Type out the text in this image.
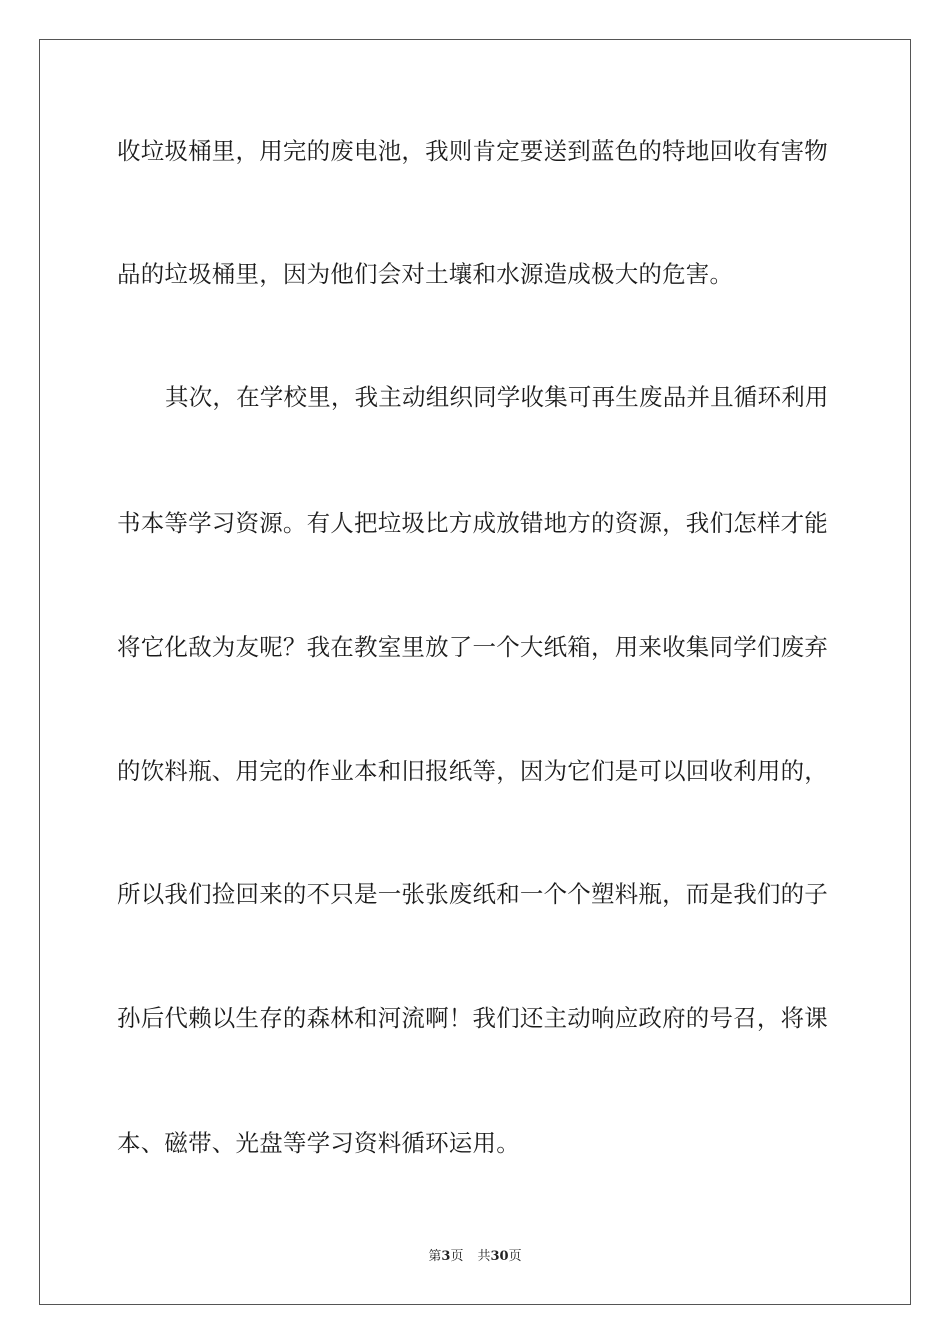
收垃圾桶里，用完的废电池，我则肯定要送到蓝色的特地回收有害物
品的垃圾桶里，因为他们会对土壤和水源造成极大的危害。
其次，在学校里，我主动组织同学收集可再生废品并且循环利用
书本等学习资源。有人把垃圾比方成放错地方的资源，我们怎样才能
将它化敌为友呢？我在教室里放了一个大纸箱，用来收集同学们废弃
的饮料瓶、用完的作业本和旧报纸等，因为它们是可以回收利用的，
所以我们捡回来的不只是一张张废纸和一个个塑料瓶，而是我们的子
孙后代赖以生存的森林和河流啊！我们还主动响应政府的号召，将课
本、磁带、光盘等学习资料循环运用。
第3页 共30页
